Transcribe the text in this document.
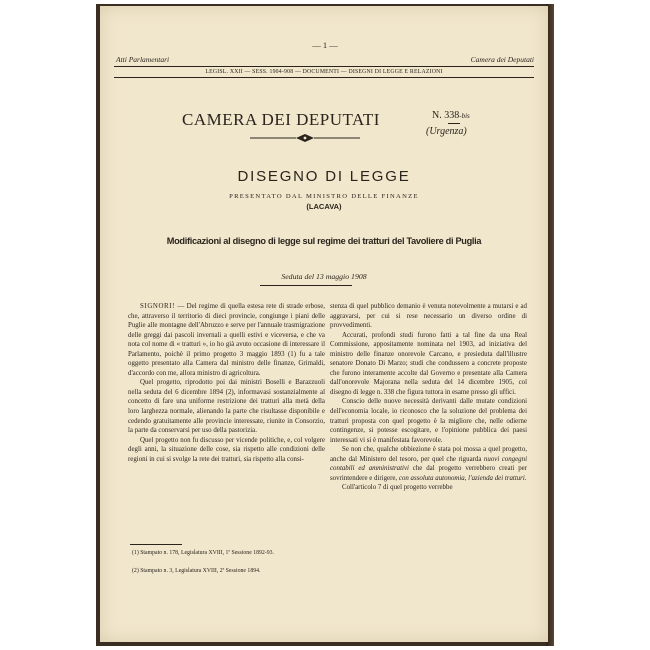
Atti Parlamentari
— 1 —
Camera dei Deputati
LEGISL. XXII — SESS. 1904-908 — DOCUMENTI — DISEGNI DI LEGGE E RELAZIONI
CAMERA DEI DEPUTATI	N. 338-bis
(Urgenza)
DISEGNO DI LEGGE
PRESENTATO DAL MINISTRO DELLE FINANZE
(LACAVA)
Modificazioni al disegno di legge sul regime dei tratturi del Tavoliere di Puglia
Seduta del 13 maggio 1908

SIGNORI! — Del regime di quella estesa rete di strade erbose, che, attraverso il territorio di dieci provincie, congiunge i piani delle Puglie alle montagne dell'Abruzzo e serve per l'annuale trasmigrazione delle greggi dai pascoli invernali a quelli estivi e viceversa, e che va nota col nome di « tratturi », io ho già avuto occasione di interessare il Parlamento, poichè il primo progetto 3 maggio 1893 (1) fu a tale oggetto presentato alla Camera dal ministro delle finanze, Grimaldi, d'accordo con me, allora ministro di agricoltura.

Quel progetto, riprodotto poi dai ministri Boselli e Barazzuoli nella seduta del 6 dicembre 1894 (2), informavasi sostanzialmente al concetto di fare una uniforme restrizione dei tratturi alla metà della loro larghezza normale, alienando la parte che risultasse disponibile e cedendo gratuitamente alle provincie interessate, riunite in Consorzio, la parte da conservarsi per uso della pastorizia.

Quel progetto non fu discusso per vicende politiche, e, col volgere degli anni, la situazione delle cose, sia rispetto alle condizioni delle regioni in cui si svolge la rete dei tratturi, sia rispetto alla consi-

stenza di quel pubblico demanio è venuta notevolmente a mutarsi e ad aggravarsi, per cui si rese necessario un diverso ordine di provvedimenti.

Accurati, profondi studi furono fatti a tal fine da una Real Commissione, appositamente nominata nel 1903, ad iniziativa del ministro delle finanze onorevole Carcano, e presieduta dall'illustre senatore Donato Di Marzo; studi che condussero a concrete proposte che furono interamente accolte dal Governo e presentate alla Camera dall'onorevole Majorana nella seduta del 14 dicembre 1905, col disegno di legge n. 338 che figura tuttora in esame presso gli uffici.

Conscio delle nuove necessità derivanti dalle mutate condizioni dell'economia locale, io riconosco che la soluzione del problema dei tratturi proposta con quel progetto è la migliore che, nelle odierne contingenze, si potesse escogitare, e l'opinione pubblica dei paesi interessati vi si è manifestata favorevole.

Se non che, qualche obbiezione è stata poi mossa a quel progetto, anche dal Ministero del tesoro, per quel che riguarda nuovi congegni contabili ed amministrativi che dal progetto verrebbero creati per sovrintendere e dirigere, con assoluta autonomia, l'azienda dei tratturi.

Coll'articolo 7 di quel progetto verrebbe

(1) Stampato n. 178, Legislatura XVIII, 1ª Sessione 1892-93.
(2) Stampato n. 3, Legislatura XVIII, 2ª Sessione 1894.
